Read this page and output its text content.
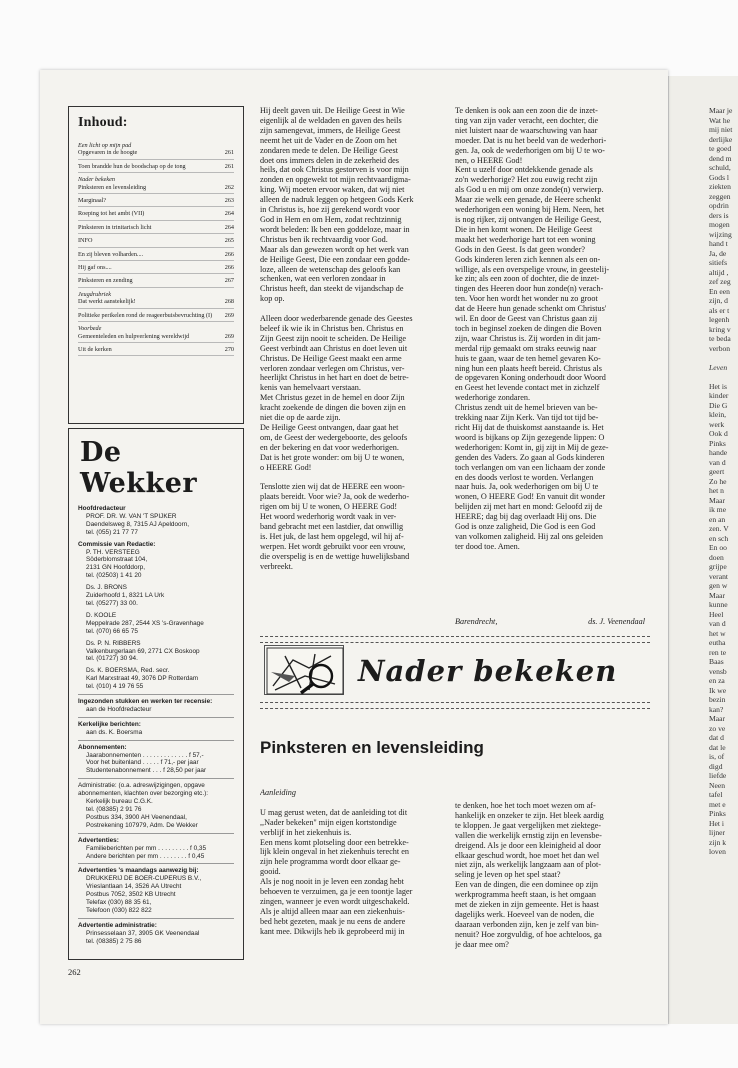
Maar je
Wat he
mij niet
derlijke
te goed
dend m
schuld,
Gods l
ziekten
zeggen
opdrin
ders is
mogen
wijzing
hand t
Ja, de
sitiefs
altijd ,
zef zeg
En een
zijn, d
als er t
legenh
kring v
te beda
verbon
Leven
Het is
kinder
Die G
klein,
werk
Ook d
Pinks
hande
van d
geert
Zo he
het n
Maar
ik me
en an
zen. V
en sch
En oo
doen
grijpe
verant
gen w
Maar
kunne
Heel
van d
het w
eutha
ren te
Baas
vensb
en za
Ik we
bezin
kan?
Maar
zo ve
dat d
dat le
is, of
digd
liefde
Neen
tafel
met e
Pinks
Het i
lijner
zijn k
loven
Inhoud:
Een licht op mijn pad
Opgevaren in de hoogte	261
Toen brandde hun de boodschap op de tong	261
Nader bekeken
Pinksteren en levensleiding	262
Marginaal?	263
Roeping tot het ambt (VII)	264
Pinksteren in trinitarisch licht	264
INFO	265
En zij bleven volharden....	266
Hij gaf ons....	266
Pinksteren en zending	267
Jeugdrubriek
Dat werkt aanstekelijk!	268
Politieke perikelen rond de reageerbuisbevruchting (I)	269
Voorbede
Gemeenteleden en hulpverlening wereldwijd	269
Uit de kerken	270
De Wekker
Hoofdredacteur
PROF. DR. W. VAN 'T SPIJKER
Daendelsweg 8, 7315 AJ Apeldoorn,
tel. (055) 21 77 77
Commissie van Redactie:
P. TH. VERSTEEG
Söderblomstraat 104,
2131 GN Hoofddorp,
tel. (02503) 1 41 20
Ds. J. BRONS
Zuiderhoofd 1, 8321 LA Urk
tel. (05277) 33 00.
D. KOOLE
Meppelrade 287, 2544 XS 's-Gravenhage
tel. (070) 66 65 75
Ds. P. N. RIBBERS
Valkenburgerlaan 69, 2771 CX Boskoop
tel. (01727) 30 94.
Ds. K. BOERSMA, Red. secr.
Karl Marxstraat 49, 3076 DP Rotterdam
tel. (010) 4 19 76 55
Ingezonden stukken en werken ter recensie:
aan de Hoofdredacteur
Kerkelijke berichten:
aan ds. K. Boersma
Abonnementen:
Jaarabonnementen . . . . . . . . . . . . . f 57,-
Voor het buitenland . . . . . f 71,- per jaar
Studentenabonnement . . . f 28,50 per jaar
Administratie: (o.a. adreswijzigingen, opgave
abonnementen, klachten over bezorging etc.):
Kerkelijk bureau C.G.K.
tel. (08385) 2 91 76
Postbus 334, 3900 AH Veenendaal,
Postrekening 107979, Adm. De Wekker
Advertenties:
Familieberichten per mm . . . . . . . . . f 0,35
Andere berichten per mm . . . . . . . . f 0,45
Advertenties 's maandags aanwezig bij:
DRUKKERIJ DE BOER-CUPERUS B.V.,
Vrieslantlaan 14, 3526 AA Utrecht
Postbus 7052, 3502 KB Utrecht
Telefax (030) 88 35 61,
Telefoon (030) 822 822
Advertentie administratie:
Prinsesselaan 37, 3905 GK Veenendaal
tel. (08385) 2 75 86
Hij deelt gaven uit. De Heilige Geest in Wie
eigenlijk al de weldaden en gaven des heils
zijn samengevat, immers, de Heilige Geest
neemt het uit de Vader en de Zoon om het
zondaren mede te delen. De Heilige Geest
doet ons immers delen in de zekerheid des
heils, dat ook Christus gestorven is voor mijn
zonden en opgewekt tot mijn rechtvaardigma-
king. Wij moeten ervoor waken, dat wij niet
alleen de nadruk leggen op hetgeen Gods Kerk
in Christus is, hoe zij gerekend wordt voor
God in Hem en om Hem, zodat rechtzinnig
wordt beleden: Ik ben een goddeloze, maar in
Christus ben ik rechtvaardig voor God.
Maar als dan gewezen wordt op het werk van
de Heilige Geest, Die een zondaar een godde-
loze, alleen de wetenschap des geloofs kan
schenken, wat een verloren zondaar in
Christus heeft, dan steekt de vijandschap de
kop op.
Alleen door wederbarende genade des Geestes
beleef ik wie ik in Christus ben. Christus en
Zijn Geest zijn nooit te scheiden. De Heilige
Geest verbindt aan Christus en doet leven uit
Christus. De Heilige Geest maakt een arme
verloren zondaar verlegen om Christus, ver-
heerlijkt Christus in het hart en doet de betre-
kenis van hemelvaart verstaan.
Met Christus gezet in de hemel en door Zijn
kracht zoekende de dingen die boven zijn en
niet die op de aarde zijn.
De Heilige Geest ontvangen, daar gaat het
om, de Geest der wedergeboorte, des geloofs
en der bekering en dat voor wederhorigen.
Dat is het grote wonder: om bij U te wonen,
o HEERE God!
Tenslotte zien wij dat de HEERE een woon-
plaats bereidt. Voor wie? Ja, ook de wederho-
rigen om bij U te wonen, O HEERE God!
Het woord wederhorig wordt vaak in ver-
band gebracht met een lastdier, dat onwillig
is. Het juk, de last hem opgelegd, wil hij af-
werpen. Het wordt gebruikt voor een vrouw,
die overspelig is en de wettige huwelijksband
verbreekt.
Te denken is ook aan een zoon die de inzet-
ting van zijn vader veracht, een dochter, die
niet luistert naar de waarschuwing van haar
moeder. Dat is nu het beeld van de wederhori-
gen. Ja, ook de wederhorigen om bij U te wo-
nen, o HEERE God!
Kent u uzelf door ontdekkende genade als
zo'n wederhorige? Het zou euwig recht zijn
als God u en mij om onze zonde(n) verwierp.
Maar zie welk een genade, de Heere schenkt
wederhorigen een woning bij Hem. Neen, het
is nog rijker, zij ontvangen de Heilige Geest,
Die in hen komt wonen. De Heilige Geest
maakt het wederhorige hart tot een woning
Gods in den Geest. Is dat geen wonder?
Gods kinderen leren zich kennen als een on-
willige, als een overspelige vrouw, in geestelij-
ke zin; als een zoon of dochter, die de inzet-
tingen des Heeren door hun zonde(n) verach-
ten. Voor hen wordt het wonder nu zo groot
dat de Heere hun genade schenkt om Christus'
wil. En door de Geest van Christus gaan zij
toch in beginsel zoeken de dingen die Boven
zijn, waar Christus is. Zij worden in dit jam-
merdal rijp gemaakt om straks eeuwig naar
huis te gaan, waar de ten hemel gevaren Ko-
ning hun een plaats heeft bereid. Christus als
de opgevaren Koning onderhoudt door Woord
en Geest het levende contact met in zichzelf
wederhorige zondaren.
Christus zendt uit de hemel brieven van be-
trekking naar Zijn Kerk. Van tijd tot tijd be-
richt Hij dat de thuiskomst aanstaande is. Het
woord is bijkans op Zijn gezegende lippen: O
wederhorigen: Komt in, gij zijt in Mij de geze-
genden des Vaders. Zo gaan al Gods kinderen
toch verlangen om van een lichaam der zonde
en des doods verlost te worden. Verlangen
naar huis. Ja, ook wederhorigen om bij U te
wonen, O HEERE God! En vanuit dit wonder
belijden zij met hart en mond: Geloofd zij de
HEERE; dag bij dag overlaadt Hij ons. Die
God is onze zaligheid, Die God is een God
van volkomen zaligheid. Hij zal ons geleiden
ter dood toe. Amen.
Barendrecht,	ds. J. Veenendaal
Nader bekeken
Pinksteren en levensleiding
Aanleiding
U mag gerust weten, dat de aanleiding tot dit
,,Nader bekeken" mijn eigen kortstondige
verblijf in het ziekenhuis is.
Een mens komt plotseling door een betrekke-
lijk klein ongeval in het ziekenhuis terecht en
zijn hele programma wordt door elkaar ge-
gooid.
Als je nog nooit in je leven een zondag hebt
behoeven te verzuimen, ga je een toontje lager
zingen, wanneer je even wordt uitgeschakeld.
Als je altijd alleen maar aan een ziekenhuis-
bed hebt gezeten, maak je nu eens de andere
kant mee. Dikwijls heb ik geprobeerd mij in
te denken, hoe het toch moet wezen om af-
hankelijk en onzeker te zijn. Het bleek aardig
te kloppen. Je gaat vergelijken met ziektege-
vallen die werkelijk ernstig zijn en levensbe-
dreigend. Als je door een kleinigheid al door
elkaar geschud wordt, hoe moet het dan wel
niet zijn, als werkelijk langzaam aan of plot-
seling je leven op het spel staat?
Een van de dingen, die een dominee op zijn
werkprogramma heeft staan, is het omgaan
met de zieken in zijn gemeente. Het is haast
dagelijks werk. Hoeveel van de noden, die
daaraan verbonden zijn, ken je zelf van bin-
nenuit? Hoe zorgvuldig, of hoe achteloos, ga
je daar mee om?
262
